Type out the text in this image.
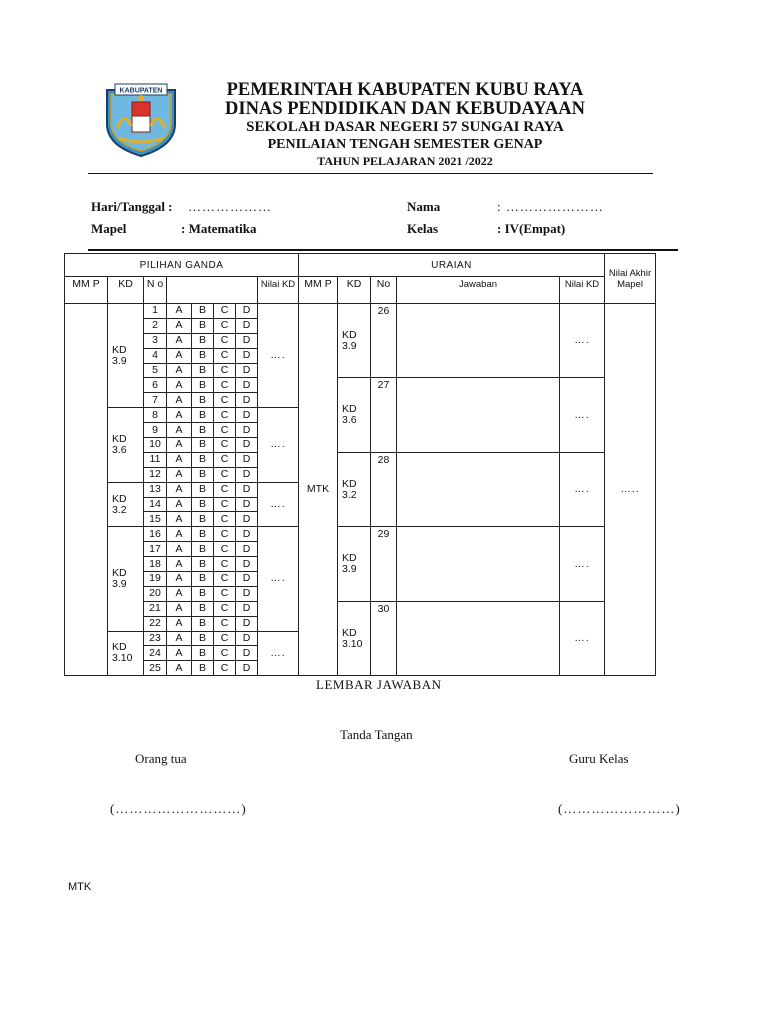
KABUPATEN	PEMERINTAH KABUPATEN KUBU RAYA
DINAS PENDIDIKAN DAN KEBUDAYAAN
SEKOLAH DASAR NEGERI 57 SUNGAI RAYA
PENILAIAN TENGAH SEMESTER GENAP
TAHUN PELAJARAN 2021 /2022
Hari/Tanggal : ………………
Mapel	: Matematika
Nama	: …………………
Kelas	: IV(Empat)
PILIHAN GANDA								URAIAN					Nilai Akhir Mapel
MM P	KD	N o					Nilai KD	MM P	KD	No	Jawaban	Nilai KD	
	KD 3.9	1	A	B	C	D	….	MTK	KD 3.9	26		….	…..
		2	A	B	C	D							
		3	A	B	C	D							
		4	A	B	C	D							
		5	A	B	C	D							
		6	A	B	C	D			KD 3.6	27		….	
		7	A	B	C	D							
	KD 3.6	8	A	B	C	D	….						
		9	A	B	C	D							
		10	A	B	C	D							
		11	A	B	C	D			KD 3.2	28		….	
		12	A	B	C	D							
	KD 3.2	13	A	B	C	D	….						
		14	A	B	C	D							
		15	A	B	C	D							
	KD 3.9	16	A	B	C	D	….		KD 3.9	29		….	
		17	A	B	C	D							
		18	A	B	C	D							
		19	A	B	C	D							
		20	A	B	C	D							
		21	A	B	C	D			KD 3.10	30		….	
		22	A	B	C	D							
	KD 3.10	23	A	B	C	D	….						
		24	A	B	C	D							
		25	A	B	C	D							
LEMBAR JAWABAN
Tanda Tangan
Orang tua	Guru Kelas
(………………………)	(……………………)
MTK
